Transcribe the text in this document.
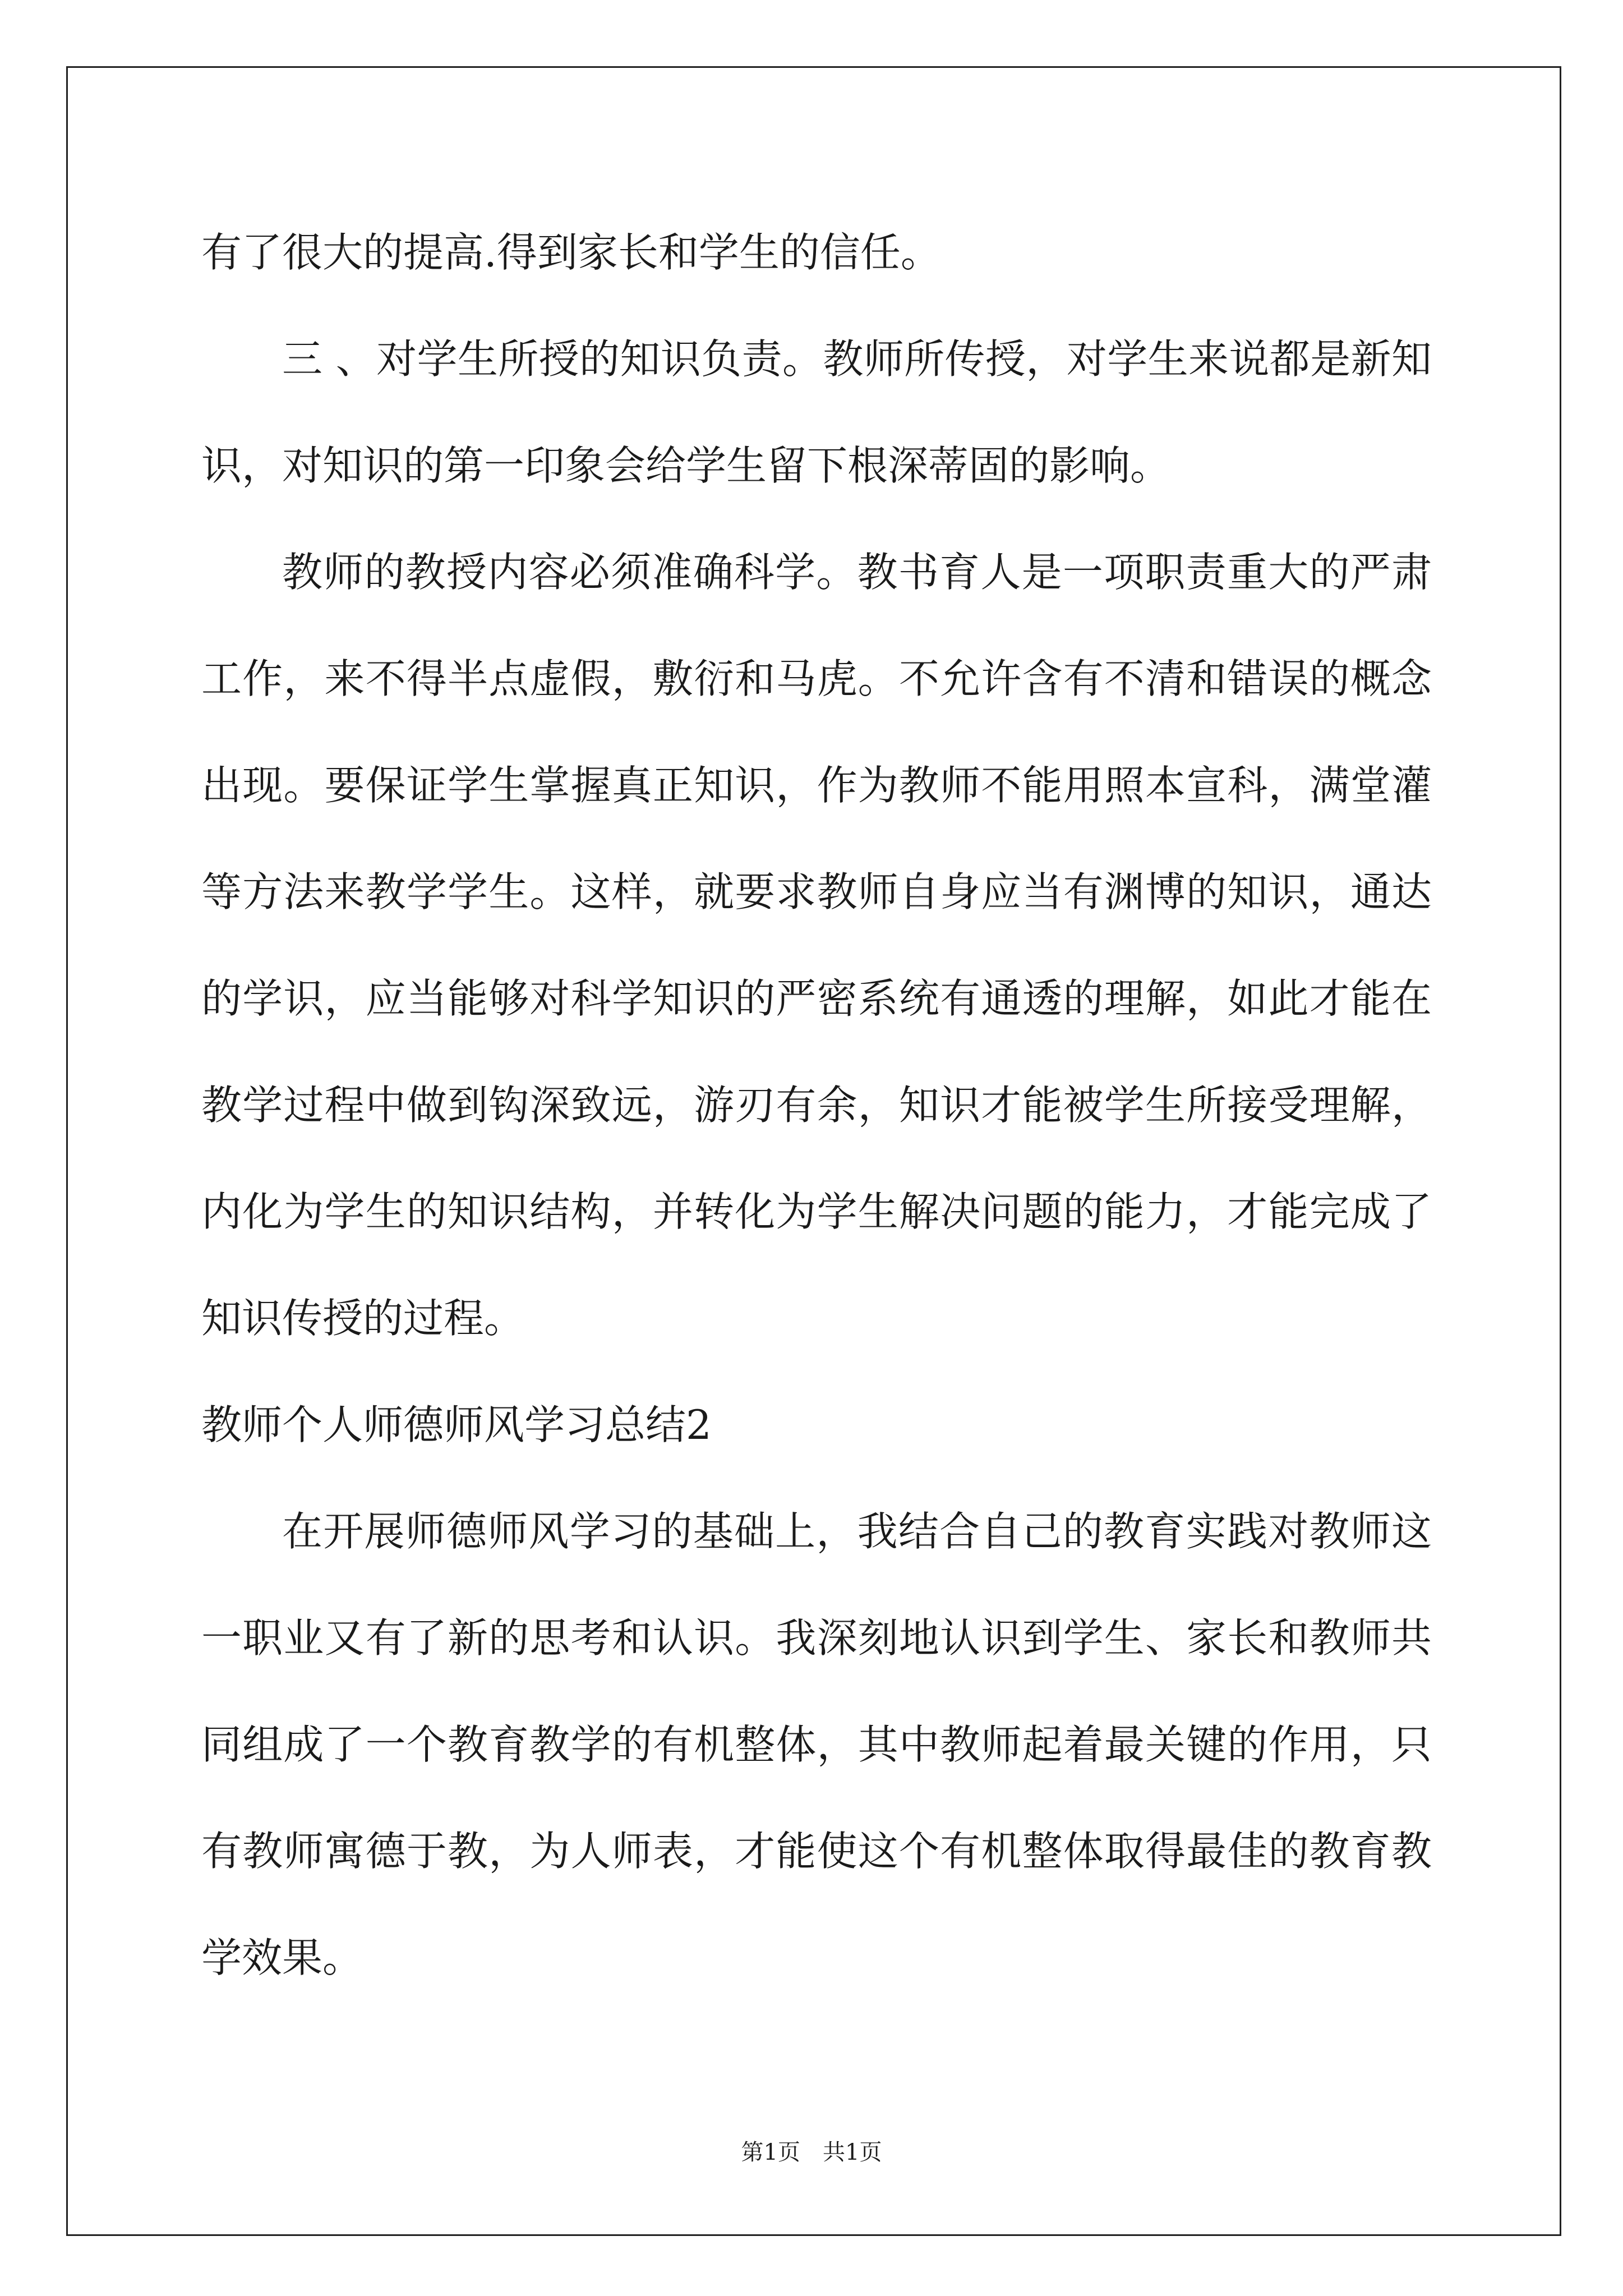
有了很大的提高.得到家长和学生的信任。
三 、对学生所授的知识负责。教师所传授，对学生来说都是新知
识，对知识的第一印象会给学生留下根深蒂固的影响。
教师的教授内容必须准确科学。教书育人是一项职责重大的严肃
工作，来不得半点虚假，敷衍和马虎。不允许含有不清和错误的概念
出现。要保证学生掌握真正知识，作为教师不能用照本宣科，满堂灌
等方法来教学学生。这样，就要求教师自身应当有渊博的知识，通达
的学识，应当能够对科学知识的严密系统有通透的理解，如此才能在
教学过程中做到钩深致远，游刃有余，知识才能被学生所接受理解，
内化为学生的知识结构，并转化为学生解决问题的能力，才能完成了
知识传授的过程。
教师个人师德师风学习总结2
在开展师德师风学习的基础上，我结合自己的教育实践对教师这
一职业又有了新的思考和认识。我深刻地认识到学生、家长和教师共
同组成了一个教育教学的有机整体，其中教师起着最关键的作用，只
有教师寓德于教，为人师表，才能使这个有机整体取得最佳的教育教
学效果。
第1页　共1页
